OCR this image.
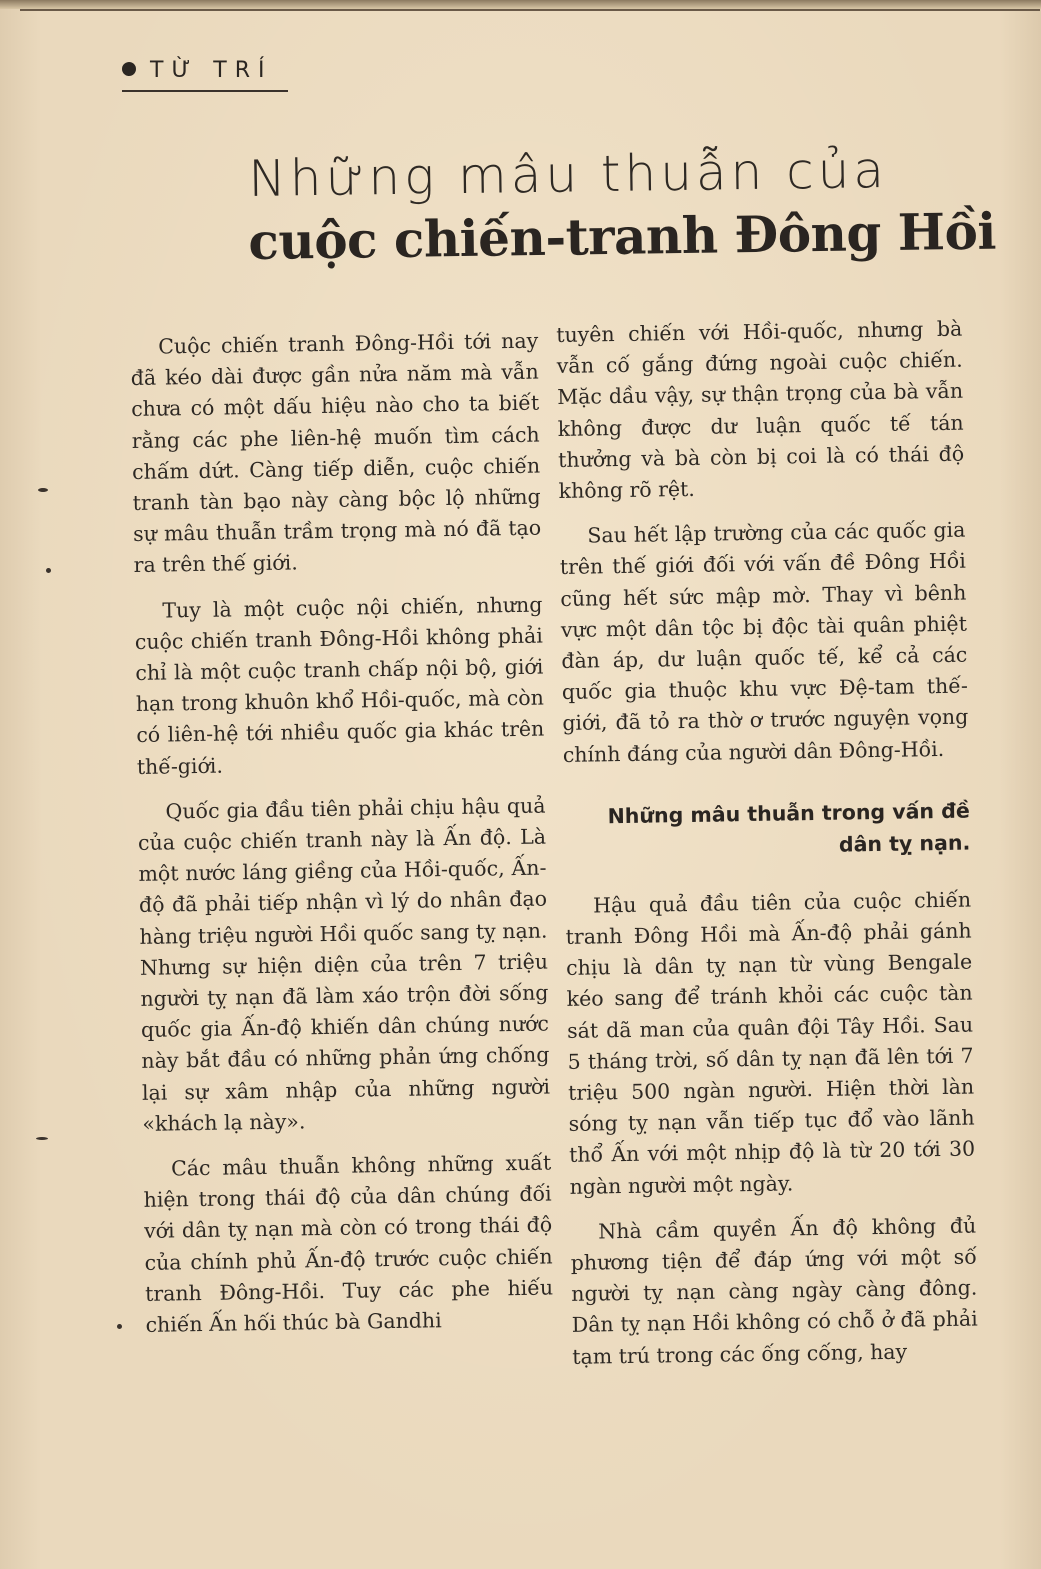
TỪ TRÍ
Những mâu thuẫn của
cuộc chiến-tranh Đông Hồi

Cuộc chiến tranh Đông-Hồi tới nay đã kéo dài được gần nửa năm mà vẫn chưa có một dấu hiệu nào cho ta biết rằng các phe liên-hệ muốn tìm cách chấm dứt. Càng tiếp diễn, cuộc chiến tranh tàn bạo này càng bộc lộ những sự mâu thuẫn trầm trọng mà nó đã tạo ra trên thế giới.

Tuy là một cuộc nội chiến, nhưng cuộc chiến tranh Đông-Hồi không phải chỉ là một cuộc tranh chấp nội bộ, giới hạn trong khuôn khổ Hồi-quốc, mà còn có liên-hệ tới nhiều quốc gia khác trên thế-giới.

Quốc gia đầu tiên phải chịu hậu quả của cuộc chiến tranh này là Ấn độ. Là một nước láng giềng của Hồi-quốc, Ấn-độ đã phải tiếp nhận vì lý do nhân đạo hàng triệu người Hồi quốc sang tỵ nạn. Nhưng sự hiện diện của trên 7 triệu người tỵ nạn đã làm xáo trộn đời sống quốc gia Ấn-độ khiến dân chúng nước này bắt đầu có những phản ứng chống lại sự xâm nhập của những người «khách lạ này».

Các mâu thuẫn không những xuất hiện trong thái độ của dân chúng đối với dân tỵ nạn mà còn có trong thái độ của chính phủ Ấn-độ trước cuộc chiến tranh Đông-Hồi. Tuy các phe hiếu chiến Ấn hối thúc bà Gandhi

tuyên chiến với Hồi-quốc, nhưng bà vẫn cố gắng đứng ngoài cuộc chiến. Mặc dầu vậy, sự thận trọng của bà vẫn không được dư luận quốc tế tán thưởng và bà còn bị coi là có thái độ không rõ rệt.

Sau hết lập trường của các quốc gia trên thế giới đối với vấn đề Đông Hồi cũng hết sức mập mờ. Thay vì bênh vực một dân tộc bị độc tài quân phiệt đàn áp, dư luận quốc tế, kể cả các quốc gia thuộc khu vực Đệ-tam thế-giới, đã tỏ ra thờ ơ trước nguyện vọng chính đáng của người dân Đông-Hồi.

Những mâu thuẫn trong vấn đề dân tỵ nạn.

Hậu quả đầu tiên của cuộc chiến tranh Đông Hồi mà Ấn-độ phải gánh chịu là dân tỵ nạn từ vùng Bengale kéo sang để tránh khỏi các cuộc tàn sát dã man của quân đội Tây Hồi. Sau 5 tháng trời, số dân tỵ nạn đã lên tới 7 triệu 500 ngàn người. Hiện thời làn sóng tỵ nạn vẫn tiếp tục đổ vào lãnh thổ Ấn với một nhịp độ là từ 20 tới 30 ngàn người một ngày.

Nhà cầm quyền Ấn độ không đủ phương tiện để đáp ứng với một số người tỵ nạn càng ngày càng đông. Dân tỵ nạn Hồi không có chỗ ở đã phải tạm trú trong các ống cống, hay
